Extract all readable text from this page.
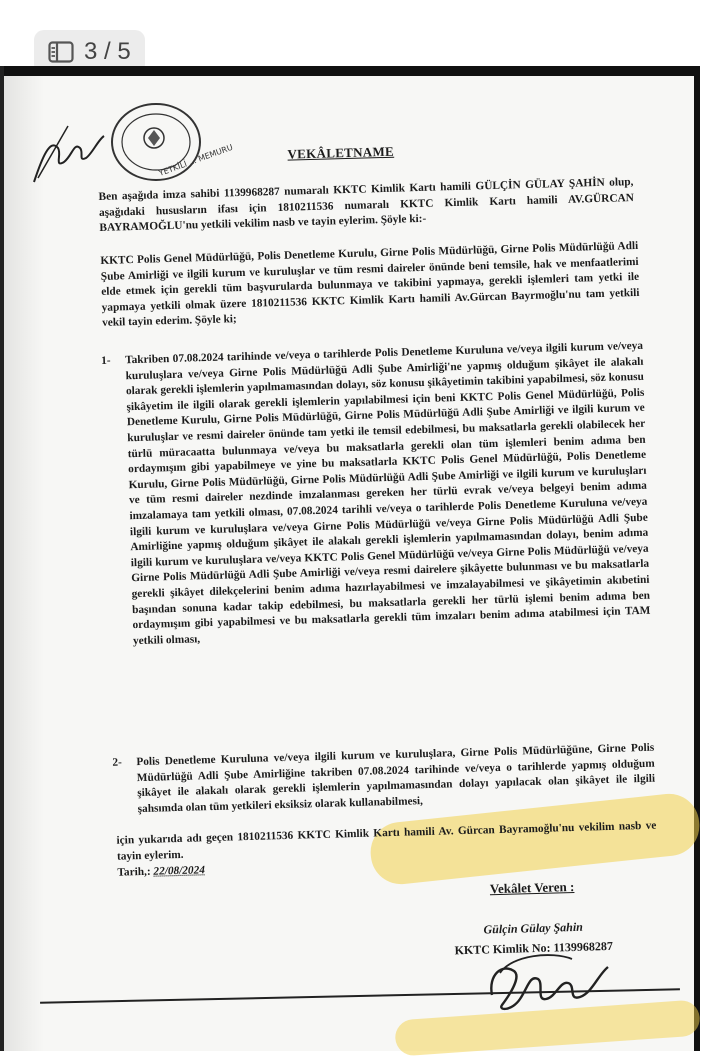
3 / 5
YETKİLİ ... MEMURU	VEKÂLETNAME
Ben aşağıda imza sahibi 1139968287 numaralı KKTC Kimlik Kartı hamili GÜLÇİN GÜLAY ŞAHİN olup, aşağıdaki hususların ifası için 1810211536 numaralı KKTC Kimlik Kartı hamili AV.GÜRCAN BAYRAMOĞLU'nu yetkili vekilim nasb ve tayin eylerim. Şöyle ki:-
KKTC Polis Genel Müdürlüğü, Polis Denetleme Kurulu, Girne Polis Müdürlüğü, Girne Polis Müdürlüğü Adli Şube Amirliği ve ilgili kurum ve kuruluşlar ve tüm resmi daireler önünde beni temsile, hak ve menfaatlerimi elde etmek için gerekli tüm başvurularda bulunmaya ve takibini yapmaya, gerekli işlemleri tam yetki ile yapmaya yetkili olmak üzere 1810211536 KKTC Kimlik Kartı hamili Av.Gürcan Bayrmoğlu'nu tam yetkili vekil tayin ederim. Şöyle ki;
1- Takriben 07.08.2024 tarihinde ve/veya o tarihlerde Polis Denetleme Kuruluna ve/veya ilgili kurum ve/veya kuruluşlara ve/veya Girne Polis Müdürlüğü Adli Şube Amirliği'ne yapmış olduğum şikâyet ile alakalı olarak gerekli işlemlerin yapılmamasından dolayı, söz konusu şikâyetimin takibini yapabilmesi, söz konusu şikâyetim ile ilgili olarak gerekli işlemlerin yapılabilmesi için beni KKTC Polis Genel Müdürlüğü, Polis Denetleme Kurulu, Girne Polis Müdürlüğü, Girne Polis Müdürlüğü Adli Şube Amirliği ve ilgili kurum ve kuruluşlar ve resmi daireler önünde tam yetki ile temsil edebilmesi, bu maksatlarla gerekli olabilecek her türlü müracaatta bulunmaya ve/veya bu maksatlarla gerekli olan tüm işlemleri benim adıma ben ordaymışım gibi yapabilmeye ve yine bu maksatlarla KKTC Polis Genel Müdürlüğü, Polis Denetleme Kurulu, Girne Polis Müdürlüğü, Girne Polis Müdürlüğü Adli Şube Amirliği ve ilgili kurum ve kuruluşları ve tüm resmi daireler nezdinde imzalanması gereken her türlü evrak ve/veya belgeyi benim adıma imzalamaya tam yetkili olması, 07.08.2024 tarihli ve/veya o tarihlerde Polis Denetleme Kuruluna ve/veya ilgili kurum ve kuruluşlara ve/veya Girne Polis Müdürlüğü ve/veya Girne Polis Müdürlüğü Adli Şube Amirliğine yapmış olduğum şikâyet ile alakalı gerekli işlemlerin yapılmamasından dolayı, benim adıma ilgili kurum ve kuruluşlara ve/veya KKTC Polis Genel Müdürlüğü ve/veya Girne Polis Müdürlüğü ve/veya Girne Polis Müdürlüğü Adli Şube Amirliği ve/veya resmi dairelere şikâyette bulunması ve bu maksatlarla gerekli şikâyet dilekçelerini benim adıma hazırlayabilmesi ve imzalayabilmesi ve şikâyetimin akıbetini başından sonuna kadar takip edebilmesi, bu maksatlarla gerekli her türlü işlemi benim adıma ben ordaymışım gibi yapabilmesi ve bu maksatlarla gerekli tüm imzaları benim adıma atabilmesi için TAM yetkili olması,
2- Polis Denetleme Kuruluna ve/veya ilgili kurum ve kuruluşlara, Girne Polis Müdürlüğüne, Girne Polis Müdürlüğü Adli Şube Amirliğine takriben 07.08.2024 tarihinde ve/veya o tarihlerde yapmış olduğum şikâyet ile alakalı olarak gerekli işlemlerin yapılmamasından dolayı yapılacak olan şikâyet ile ilgili şahsımda olan tüm yetkileri eksiksiz olarak kullanabilmesi,
için yukarıda adı geçen 1810211536 KKTC Kimlik Kartı hamili Av. Gürcan Bayramoğlu'nu vekilim nasb ve tayin eylerim.
Tarih,: 22/08/2024
Vekâlet Veren :
Gülçin Gülay Şahin
KKTC Kimlik No: 1139968287
